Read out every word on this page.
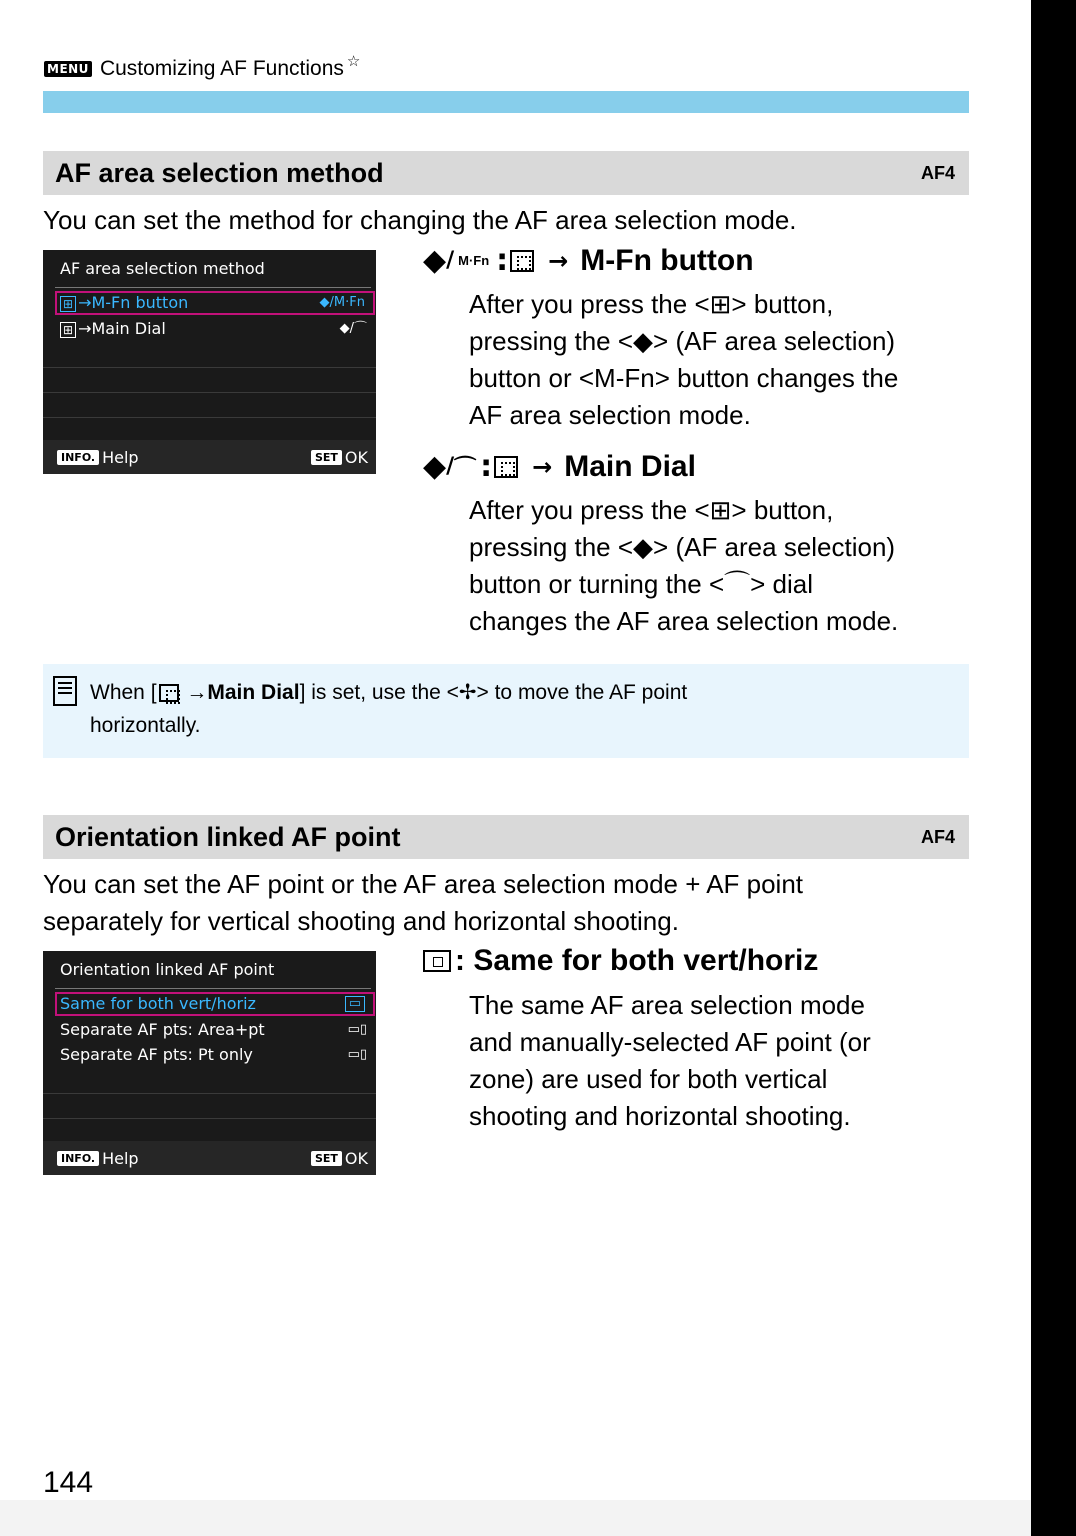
MENU Customizing AF Functions ☆
AF area selection method	AF4
You can set the method for changing the AF area selection mode.
AF area selection method
⊞ →M-Fn button	◆/M·Fn
⊞ →Main Dial	◆/⌒
INFO. Help	SET OK
◆ / M·Fn : → M-Fn button
After you press the <⊞> button,
pressing the <◆> (AF area selection)
button or <M-Fn> button changes the
AF area selection mode.
◆ / ⌒ : → Main Dial
After you press the <⊞> button,
pressing the <◆> (AF area selection)
button or turning the <⌒> dial
changes the AF area selection mode.
When [ →Main Dial] is set, use the <✢> to move the AF point
horizontally.
Orientation linked AF point	AF4
You can set the AF point or the AF area selection mode + AF point
separately for vertical shooting and horizontal shooting.
Orientation linked AF point
Same for both vert/horiz	▭
Separate AF pts: Area+pt	▭▯
Separate AF pts: Pt only	▭▯
INFO. Help	SET OK
: Same for both vert/horiz
The same AF area selection mode
and manually-selected AF point (or
zone) are used for both vertical
shooting and horizontal shooting.
144
